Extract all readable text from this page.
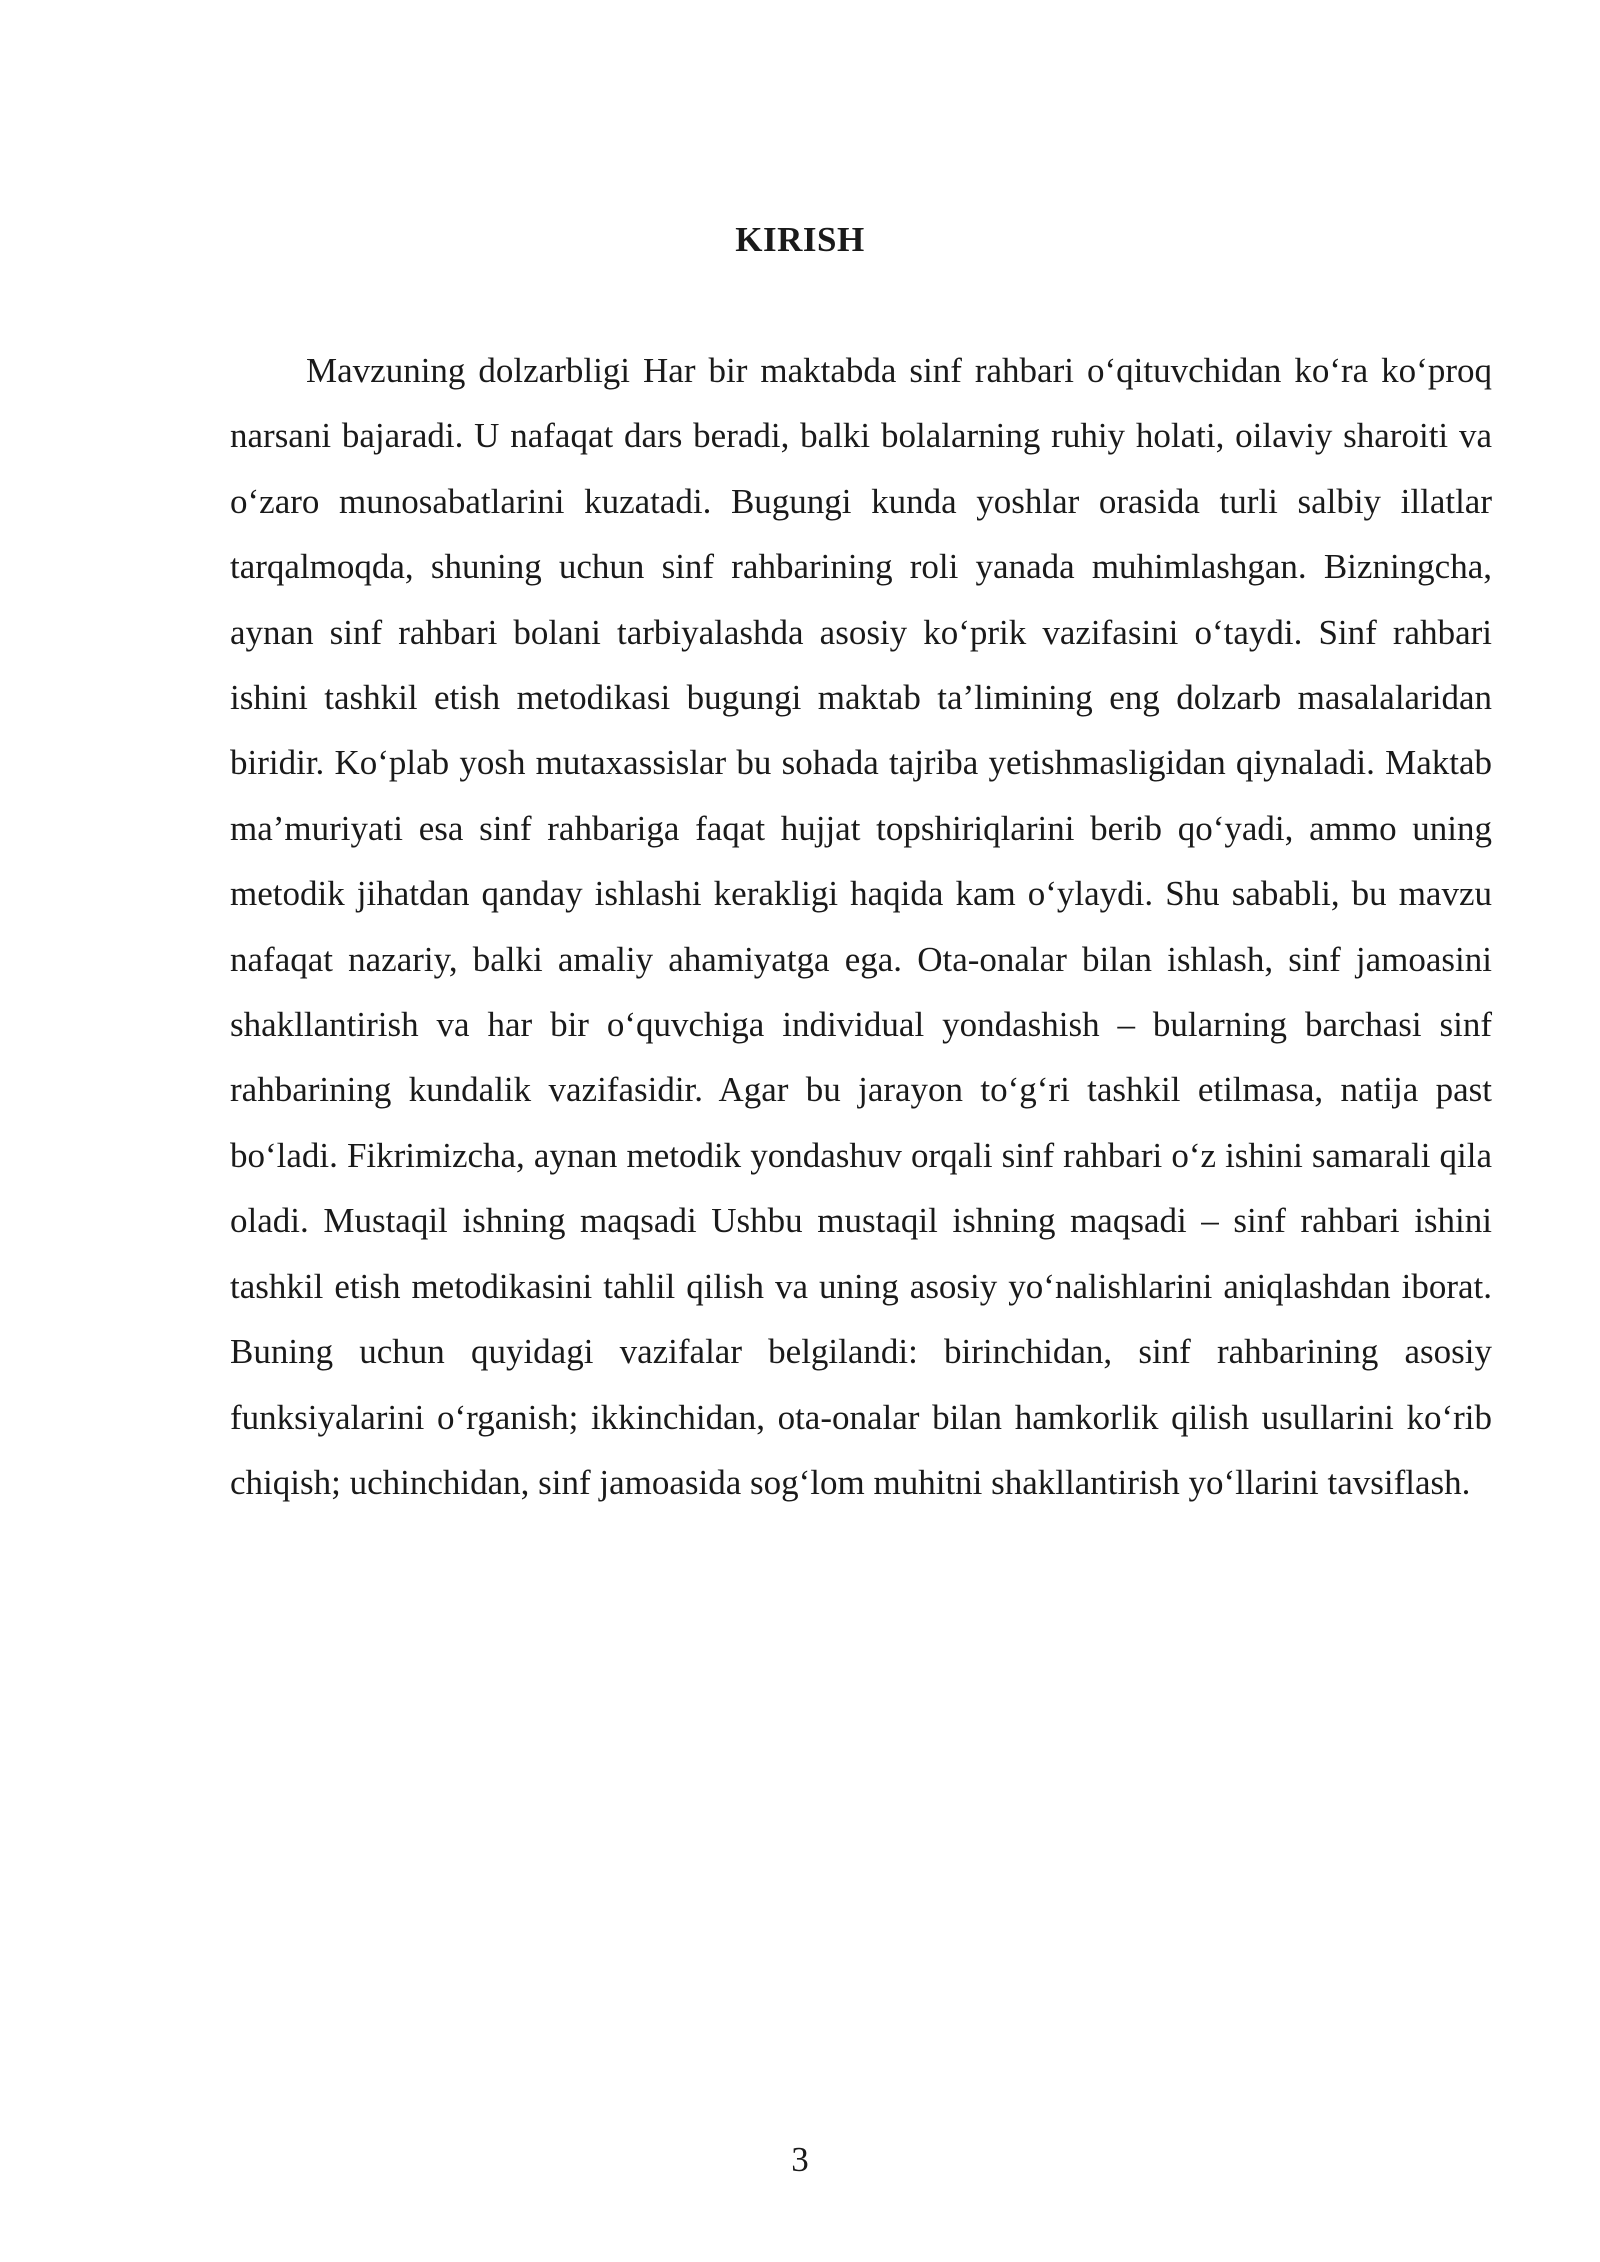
KIRISH

Mavzuning dolzarbligi Har bir maktabda sinf rahbari o‘qituvchidan ko‘ra ko‘proq narsani bajaradi. U nafaqat dars beradi, balki bolalarning ruhiy holati, oilaviy sharoiti va o‘zaro munosabatlarini kuzatadi. Bugungi kunda yoshlar orasida turli salbiy illatlar tarqalmoqda, shuning uchun sinf rahbarining roli yanada muhimlashgan. Bizningcha, aynan sinf rahbari bolani tarbiyalashda asosiy ko‘prik vazifasini o‘taydi. Sinf rahbari ishini tashkil etish metodikasi bugungi maktab ta’limining eng dolzarb masalalaridan biridir. Ko‘plab yosh mutaxassislar bu sohada tajriba yetishmasligidan qiynaladi. Maktab ma’muriyati esa sinf rahbariga faqat hujjat topshiriqlarini berib qo‘yadi, ammo uning metodik jihatdan qanday ishlashi kerakligi haqida kam o‘ylaydi. Shu sababli, bu mavzu nafaqat nazariy, balki amaliy ahamiyatga ega. Ota-onalar bilan ishlash, sinf jamoasini shakllantirish va har bir o‘quvchiga individual yondashish – bularning barchasi sinf rahbarining kundalik vazifasidir. Agar bu jarayon to‘g‘ri tashkil etilmasa, natija past bo‘ladi. Fikrimizcha, aynan metodik yondashuv orqali sinf rahbari o‘z ishini samarali qila oladi. Mustaqil ishning maqsadi Ushbu mustaqil ishning maqsadi – sinf rahbari ishini tashkil etish metodikasini tahlil qilish va uning asosiy yo‘nalishlarini aniqlashdan iborat. Buning uchun quyidagi vazifalar belgilandi: birinchidan, sinf rahbarining asosiy funksiyalarini o‘rganish; ikkinchidan, ota-onalar bilan hamkorlik qilish usullarini ko‘rib chiqish; uchinchidan, sinf jamoasida sog‘lom muhitni shakllantirish yo‘llarini tavsiflash.

3
